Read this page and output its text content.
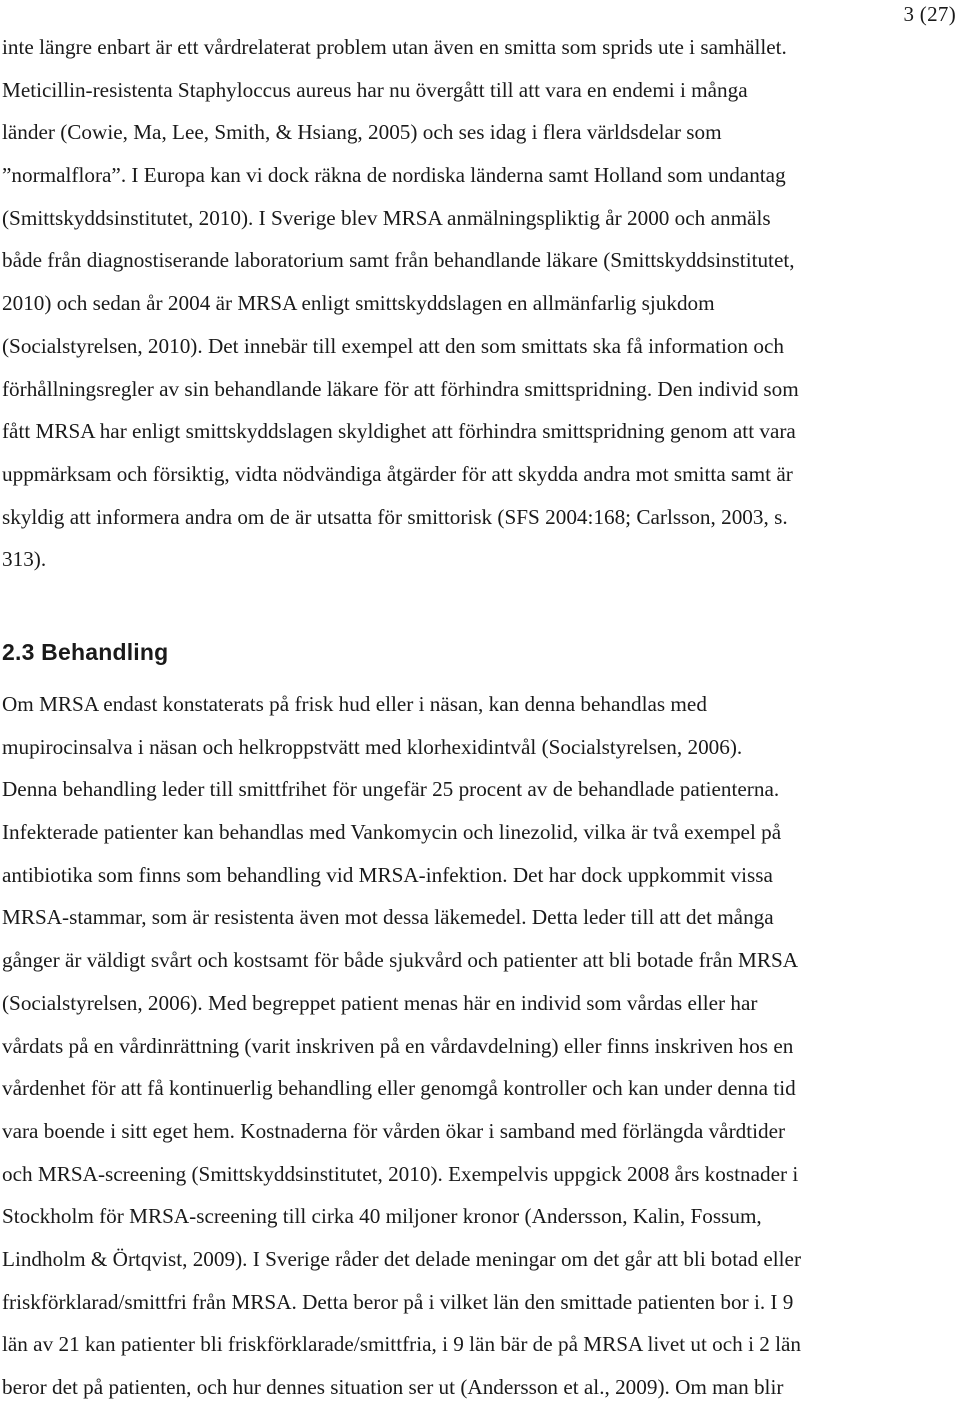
3 (27)
inte längre enbart är ett vårdrelaterat problem utan även en smitta som sprids ute i samhället.
Meticillin-resistenta Staphyloccus aureus har nu övergått till att vara en endemi i många
länder (Cowie, Ma, Lee, Smith, & Hsiang, 2005) och ses idag i flera världsdelar som
”normalflora”. I Europa kan vi dock räkna de nordiska länderna samt Holland som undantag
(Smittskyddsinstitutet, 2010). I Sverige blev MRSA anmälningspliktig år 2000 och anmäls
både från diagnostiserande laboratorium samt från behandlande läkare (Smittskyddsinstitutet,
2010) och sedan år 2004 är MRSA enligt smittskyddslagen en allmänfarlig sjukdom
(Socialstyrelsen, 2010). Det innebär till exempel att den som smittats ska få information och
förhållningsregler av sin behandlande läkare för att förhindra smittspridning. Den individ som
fått MRSA har enligt smittskyddslagen skyldighet att förhindra smittspridning genom att vara
uppmärksam och försiktig, vidta nödvändiga åtgärder för att skydda andra mot smitta samt är
skyldig att informera andra om de är utsatta för smittorisk (SFS 2004:168; Carlsson, 2003, s.
313).
2.3 Behandling
Om MRSA endast konstaterats på frisk hud eller i näsan, kan denna behandlas med
mupirocinsalva i näsan och helkroppstvätt med klorhexidintvål (Socialstyrelsen, 2006).
Denna behandling leder till smittfrihet för ungefär 25 procent av de behandlade patienterna.
Infekterade patienter kan behandlas med Vankomycin och linezolid, vilka är två exempel på
antibiotika som finns som behandling vid MRSA-infektion. Det har dock uppkommit vissa
MRSA-stammar, som är resistenta även mot dessa läkemedel. Detta leder till att det många
gånger är väldigt svårt och kostsamt för både sjukvård och patienter att bli botade från MRSA
(Socialstyrelsen, 2006). Med begreppet patient menas här en individ som vårdas eller har
vårdats på en vårdinrättning (varit inskriven på en vårdavdelning) eller finns inskriven hos en
vårdenhet för att få kontinuerlig behandling eller genomgå kontroller och kan under denna tid
vara boende i sitt eget hem. Kostnaderna för vården ökar i samband med förlängda vårdtider
och MRSA-screening (Smittskyddsinstitutet, 2010). Exempelvis uppgick 2008 års kostnader i
Stockholm för MRSA-screening till cirka 40 miljoner kronor (Andersson, Kalin, Fossum,
Lindholm & Örtqvist, 2009). I Sverige råder det delade meningar om det går att bli botad eller
friskförklarad/smittfri från MRSA. Detta beror på i vilket län den smittade patienten bor i. I 9
län av 21 kan patienter bli friskförklarade/smittfria, i 9 län bär de på MRSA livet ut och i 2 län
beror det på patienten, och hur dennes situation ser ut (Andersson et al., 2009). Om man blir
